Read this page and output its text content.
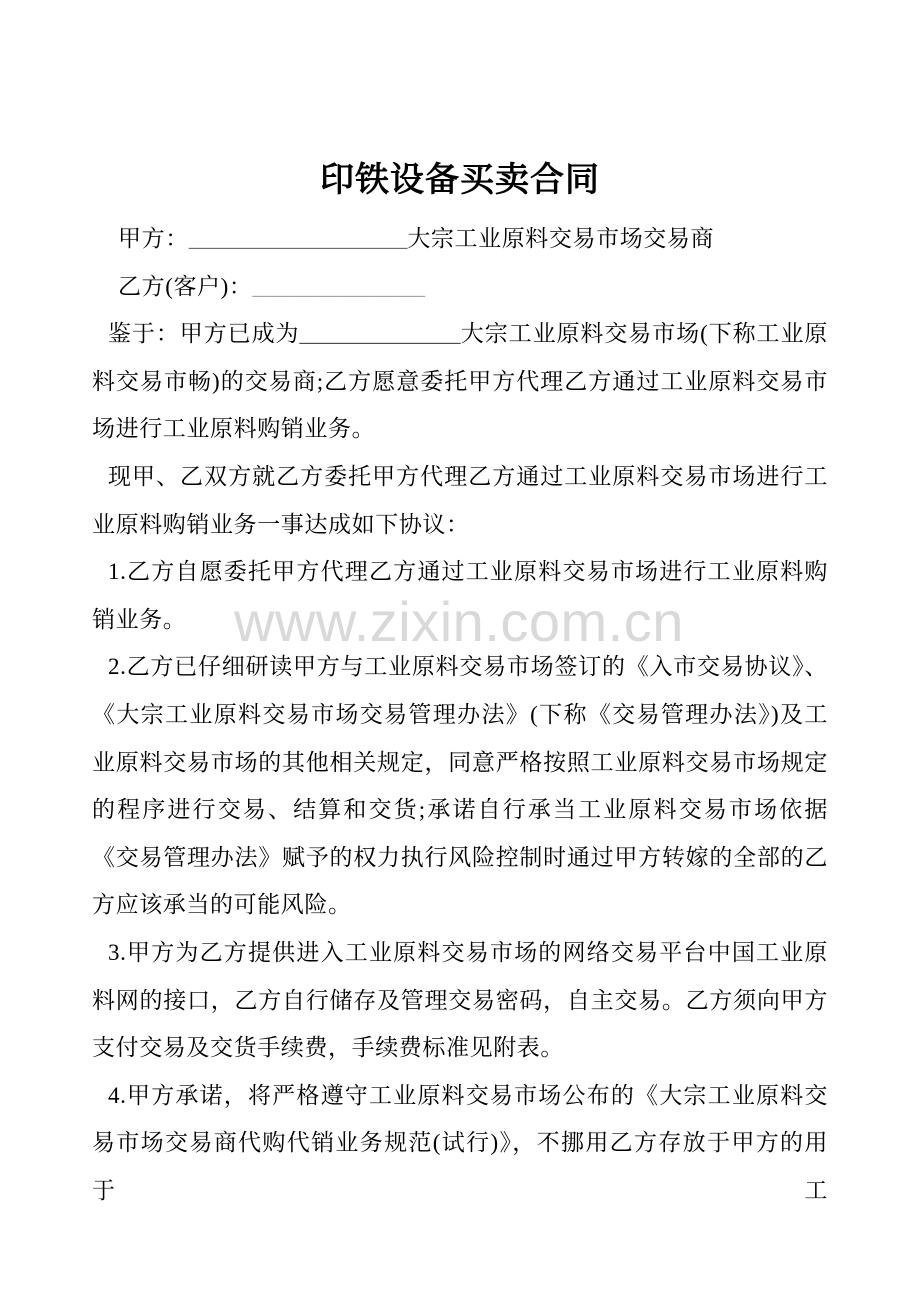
www.zixin.com.cn
印铁设备买卖合同

甲方：___________________大宗工业原料交易市场交易商

乙方(客户)：_______________

鉴于：甲方已成为______________大宗工业原料交易市场(下称工业原料交易市畅)的交易商;乙方愿意委托甲方代理乙方通过工业原料交易市场进行工业原料购销业务。

现甲、乙双方就乙方委托甲方代理乙方通过工业原料交易市场进行工业原料购销业务一事达成如下协议：

1.乙方自愿委托甲方代理乙方通过工业原料交易市场进行工业原料购销业务。

2.乙方已仔细研读甲方与工业原料交易市场签订的《入市交易协议》、《大宗工业原料交易市场交易管理办法》(下称《交易管理办法》)及工业原料交易市场的其他相关规定，同意严格按照工业原料交易市场规定的程序进行交易、结算和交货;承诺自行承当工业原料交易市场依据《交易管理办法》赋予的权力执行风险控制时通过甲方转嫁的全部的乙方应该承当的可能风险。

3.甲方为乙方提供进入工业原料交易市场的网络交易平台中国工业原料网的接口，乙方自行储存及管理交易密码，自主交易。乙方须向甲方支付交易及交货手续费，手续费标准见附表。

4.甲方承诺，将严格遵守工业原料交易市场公布的《大宗工业原料交易市场交易商代购代销业务规范(试行)》，不挪用乙方存放于甲方的用于工
